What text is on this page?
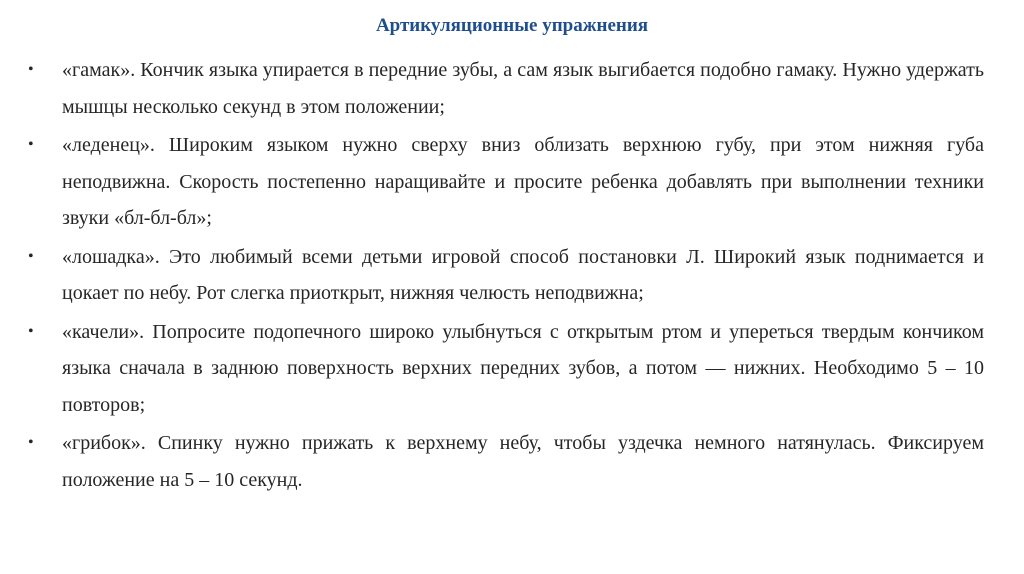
Артикуляционные упражнения
•	«гамак». Кончик языка упирается в передние зубы, а сам язык выгибается подобно гамаку. Нужно удержать мышцы несколько секунд в этом положении;
•	«леденец». Широким языком нужно сверху вниз облизать верхнюю губу, при этом нижняя губа неподвижна. Скорость постепенно наращивайте и просите ребенка добавлять при выполнении техники звуки «бл-бл-бл»;
•	«лошадка». Это любимый всеми детьми игровой способ постановки Л. Широкий язык поднимается и цокает по небу. Рот слегка приоткрыт, нижняя челюсть неподвижна;
•	«качели». Попросите подопечного широко улыбнуться с открытым ртом и упереться твердым кончиком языка сначала в заднюю поверхность верхних передних зубов, а потом — нижних. Необходимо 5 – 10 повторов;
•	«грибок». Спинку нужно прижать к верхнему небу, чтобы уздечка немного натянулась. Фиксируем положение на 5 – 10 секунд.
